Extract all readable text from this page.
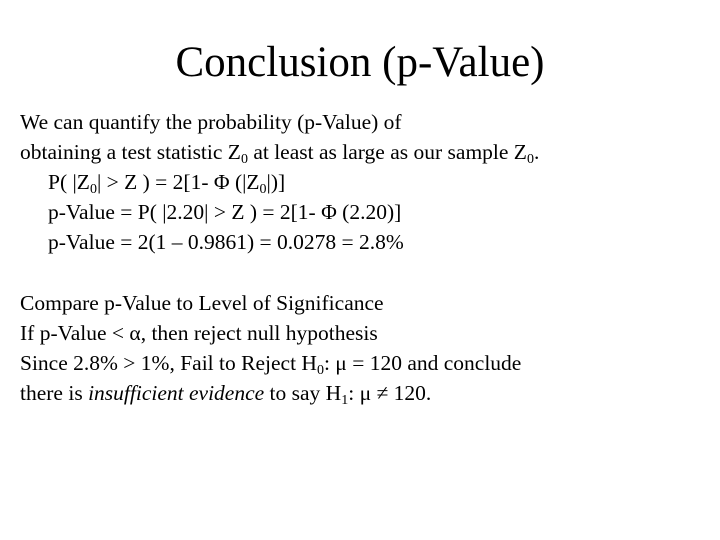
Conclusion (p-Value)
We can quantify the probability (p-Value) of
obtaining a test statistic $Z_0$ at least as large as our sample $Z_0$.
P( $|Z_0| > Z$ ) = 2[1- Φ $(|Z_0|)$]
p-Value = P( |2.20| > Z ) = 2[1- Φ (2.20)]
p-Value = 2(1 – 0.9861) = 0.0278 = 2.8%
Compare p-Value to Level of Significance
If p-Value < α, then reject null hypothesis
Since 2.8% > 1%, Fail to Reject $H_0$: μ = 120 and conclude
there is insufficient evidence to say $H_1$: μ ≠ 120.
